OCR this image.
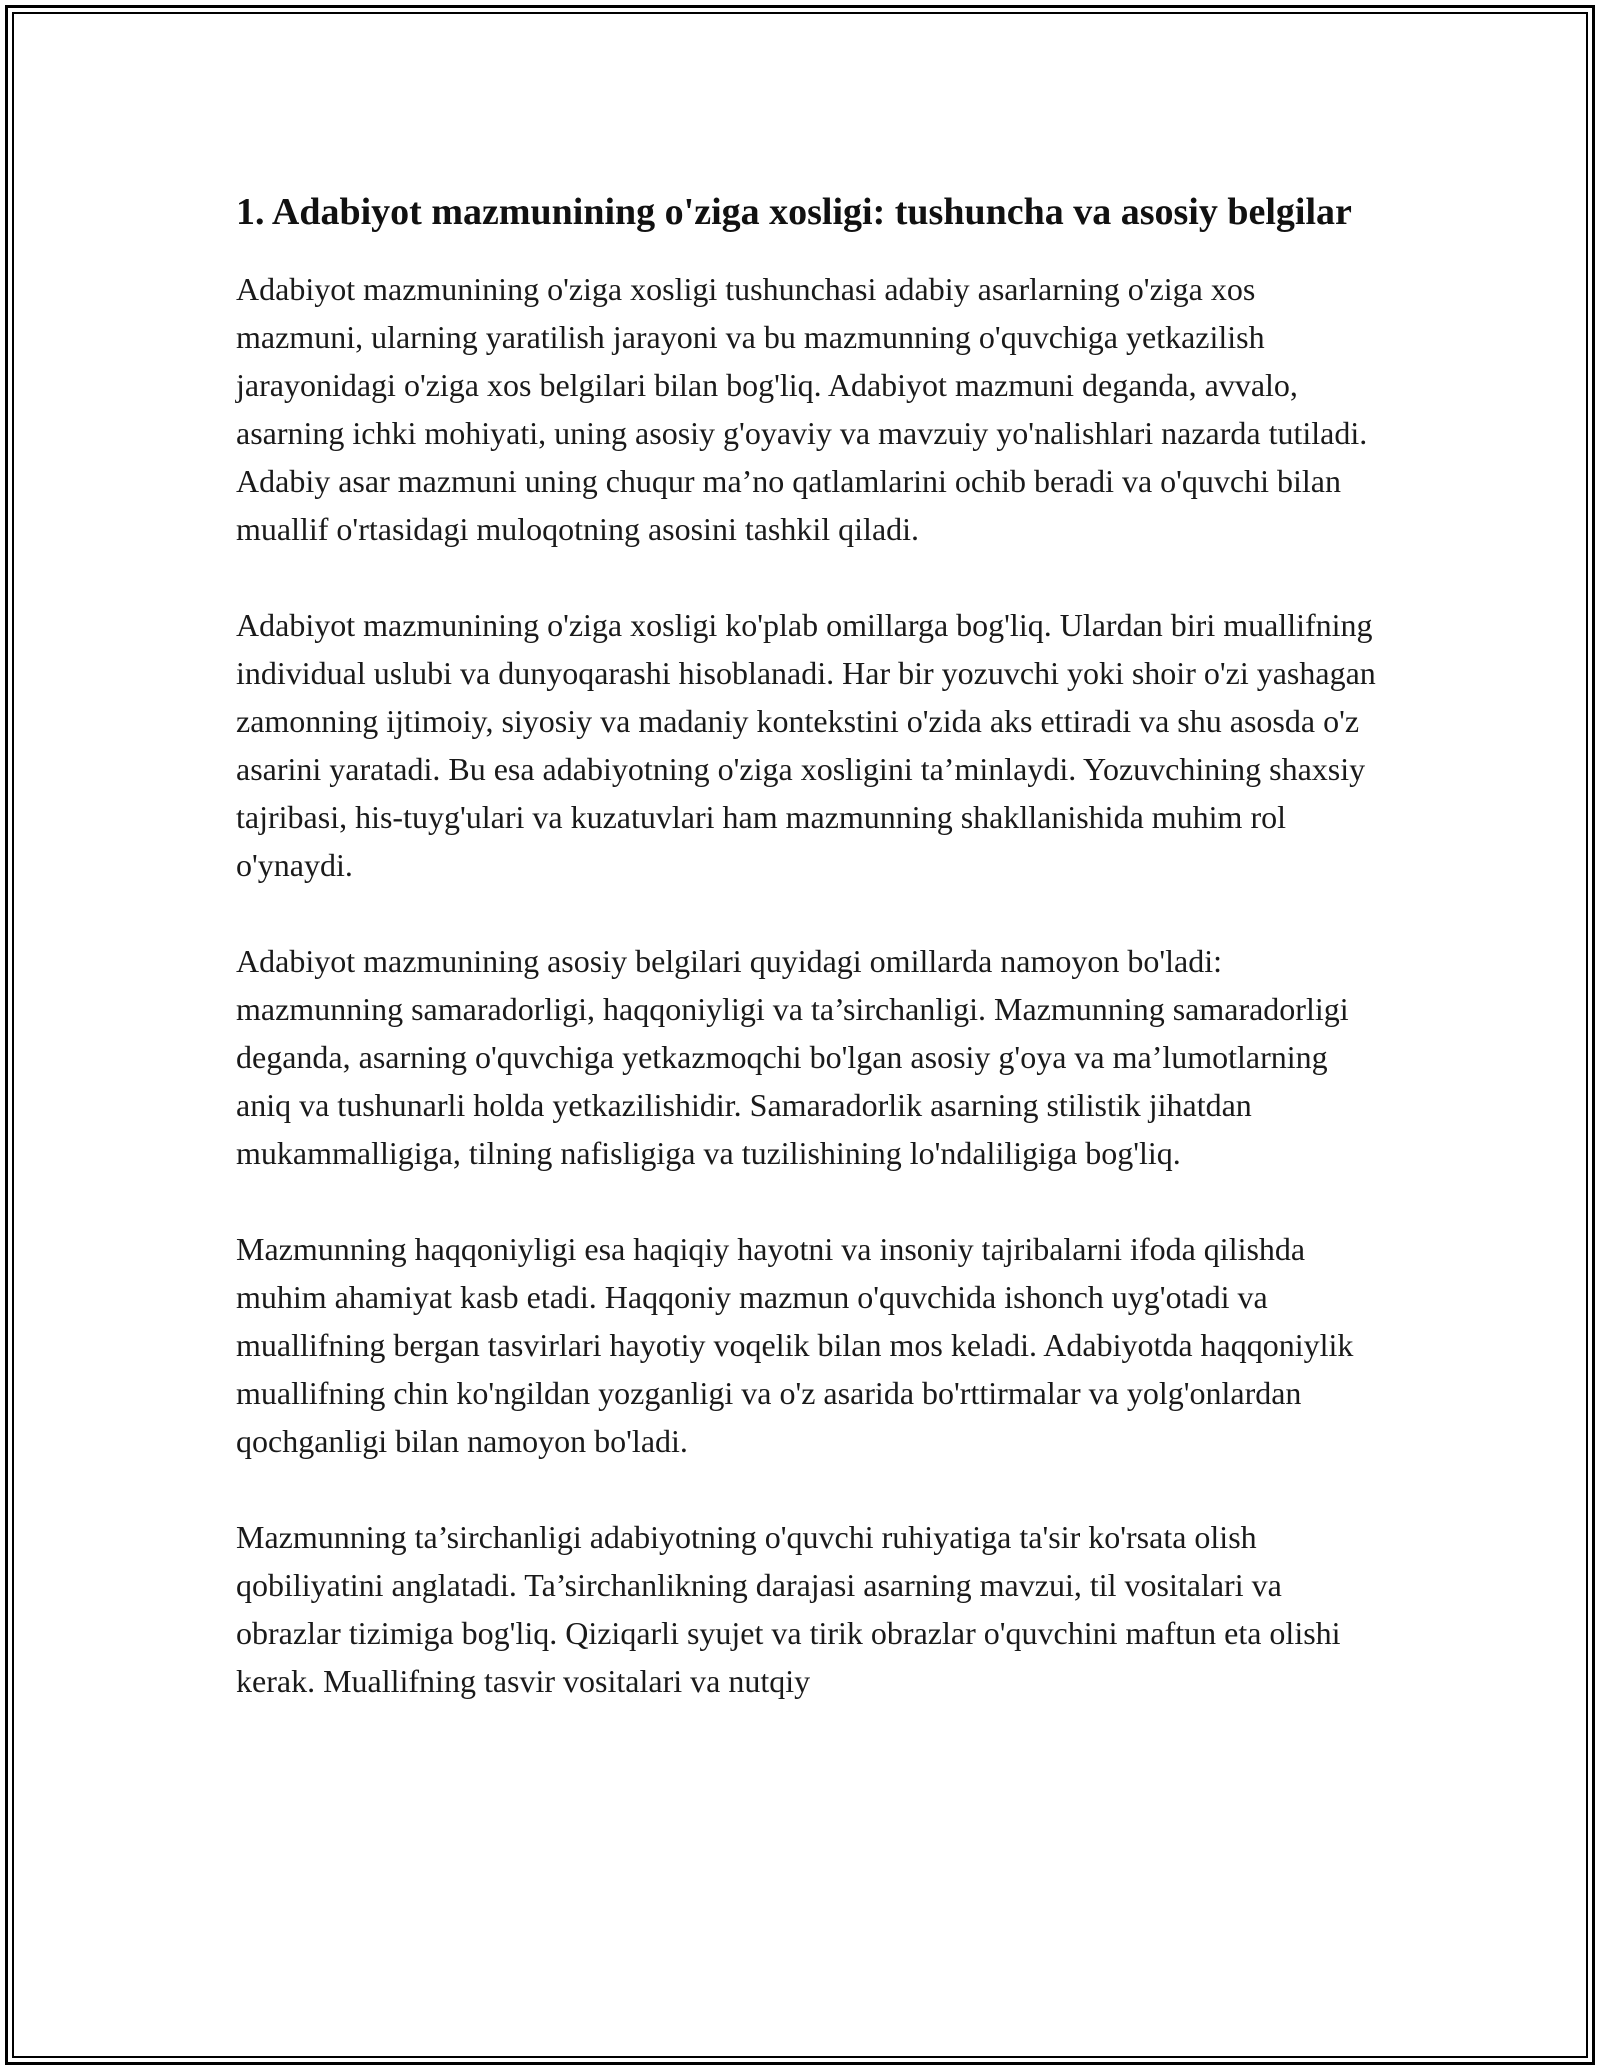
1. Adabiyot mazmunining o'ziga xosligi: tushuncha va asosiy belgilar

Adabiyot mazmunining o'ziga xosligi tushunchasi adabiy asarlarning o'ziga xos mazmuni, ularning yaratilish jarayoni va bu mazmunning o'quvchiga yetkazilish jarayonidagi o'ziga xos belgilari bilan bog'liq. Adabiyot mazmuni deganda, avvalo, asarning ichki mohiyati, uning asosiy g'oyaviy va mavzuiy yo'nalishlari nazarda tutiladi. Adabiy asar mazmuni uning chuqur ma’no qatlamlarini ochib beradi va o'quvchi bilan muallif o'rtasidagi muloqotning asosini tashkil qiladi.

Adabiyot mazmunining o'ziga xosligi ko'plab omillarga bog'liq. Ulardan biri muallifning individual uslubi va dunyoqarashi hisoblanadi. Har bir yozuvchi yoki shoir o'zi yashagan zamonning ijtimoiy, siyosiy va madaniy kontekstini o'zida aks ettiradi va shu asosda o'z asarini yaratadi. Bu esa adabiyotning o'ziga xosligini ta’minlaydi. Yozuvchining shaxsiy tajribasi, his-tuyg'ulari va kuzatuvlari ham mazmunning shakllanishida muhim rol o'ynaydi.

Adabiyot mazmunining asosiy belgilari quyidagi omillarda namoyon bo'ladi: mazmunning samaradorligi, haqqoniyligi va ta’sirchanligi. Mazmunning samaradorligi deganda, asarning o'quvchiga yetkazmoqchi bo'lgan asosiy g'oya va ma’lumotlarning aniq va tushunarli holda yetkazilishidir. Samaradorlik asarning stilistik jihatdan mukammalligiga, tilning nafisligiga va tuzilishining lo'ndaliligiga bog'liq.

Mazmunning haqqoniyligi esa haqiqiy hayotni va insoniy tajribalarni ifoda qilishda muhim ahamiyat kasb etadi. Haqqoniy mazmun o'quvchida ishonch uyg'otadi va muallifning bergan tasvirlari hayotiy voqelik bilan mos keladi. Adabiyotda haqqoniylik muallifning chin ko'ngildan yozganligi va o'z asarida bo'rttirmalar va yolg'onlardan qochganligi bilan namoyon bo'ladi.

Mazmunning ta’sirchanligi adabiyotning o'quvchi ruhiyatiga ta'sir ko'rsata olish qobiliyatini anglatadi. Ta’sirchanlikning darajasi asarning mavzui, til vositalari va obrazlar tizimiga bog'liq. Qiziqarli syujet va tirik obrazlar o'quvchini maftun eta olishi kerak. Muallifning tasvir vositalari va nutqiy
